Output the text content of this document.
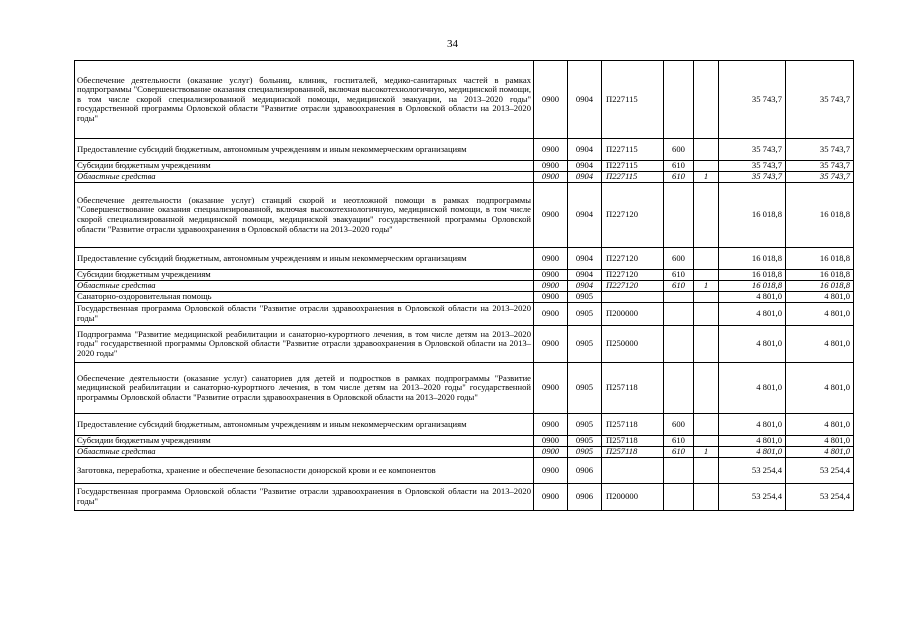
34
Обеспечение деятельности (оказание услуг) больниц, клиник, госпиталей, медико-санитарных частей в рамках подпрограммы "Совершенствование оказания специализированной, включая высокотехнологичную, медицинской помощи, в том числе скорой специализированной медицинской помощи, медицинской эвакуации, на 2013–2020 годы" государственной программы Орловской области "Развитие отрасли здравоохранения в Орловской области на 2013–2020 годы"	0900	0904	П227115			35 743,7	35 743,7
Предоставление субсидий бюджетным, автономным учреждениям и иным некоммерческим организациям	0900	0904	П227115	600		35 743,7	35 743,7
Субсидии бюджетным учреждениям	0900	0904	П227115	610		35 743,7	35 743,7
Областные средства	0900	0904	П227115	610	1	35 743,7	35 743,7
Обеспечение деятельности (оказание услуг) станций скорой и неотложной помощи в рамках подпрограммы "Совершенствование оказания специализированной, включая высокотехнологичную, медицинской помощи, в том числе скорой специализированной медицинской помощи, медицинской эвакуации" государственной программы Орловской области "Развитие отрасли здравоохранения в Орловской области на 2013–2020 годы"	0900	0904	П227120			16 018,8	16 018,8
Предоставление субсидий бюджетным, автономным учреждениям и иным некоммерческим организациям	0900	0904	П227120	600		16 018,8	16 018,8
Субсидии бюджетным учреждениям	0900	0904	П227120	610		16 018,8	16 018,8
Областные средства	0900	0904	П227120	610	1	16 018,8	16 018,8
Санаторно-оздоровительная помощь	0900	0905				4 801,0	4 801,0
Государственная программа Орловской области "Развитие отрасли здравоохранения в Орловской области на 2013–2020 годы"	0900	0905	П200000			4 801,0	4 801,0
Подпрограмма "Развитие медицинской реабилитации и санаторно-курортного лечения, в том числе детям на 2013–2020 годы" государственной программы Орловской области "Развитие отрасли здравоохранения в Орловской области на 2013–2020 годы"	0900	0905	П250000			4 801,0	4 801,0
Обеспечение деятельности (оказание услуг) санаториев для детей и подростков в рамках подпрограммы "Развитие медицинской реабилитации и санаторно-курортного лечения, в том числе детям на 2013–2020 годы" государственной программы Орловской области "Развитие отрасли здравоохранения в Орловской области на 2013–2020 годы"	0900	0905	П257118			4 801,0	4 801,0
Предоставление субсидий бюджетным, автономным учреждениям и иным некоммерческим организациям	0900	0905	П257118	600		4 801,0	4 801,0
Субсидии бюджетным учреждениям	0900	0905	П257118	610		4 801,0	4 801,0
Областные средства	0900	0905	П257118	610	1	4 801,0	4 801,0
Заготовка, переработка, хранение и обеспечение безопасности донорской крови и ее компонентов	0900	0906				53 254,4	53 254,4
Государственная программа Орловской области "Развитие отрасли здравоохранения в Орловской области на 2013–2020 годы"	0900	0906	П200000			53 254,4	53 254,4
